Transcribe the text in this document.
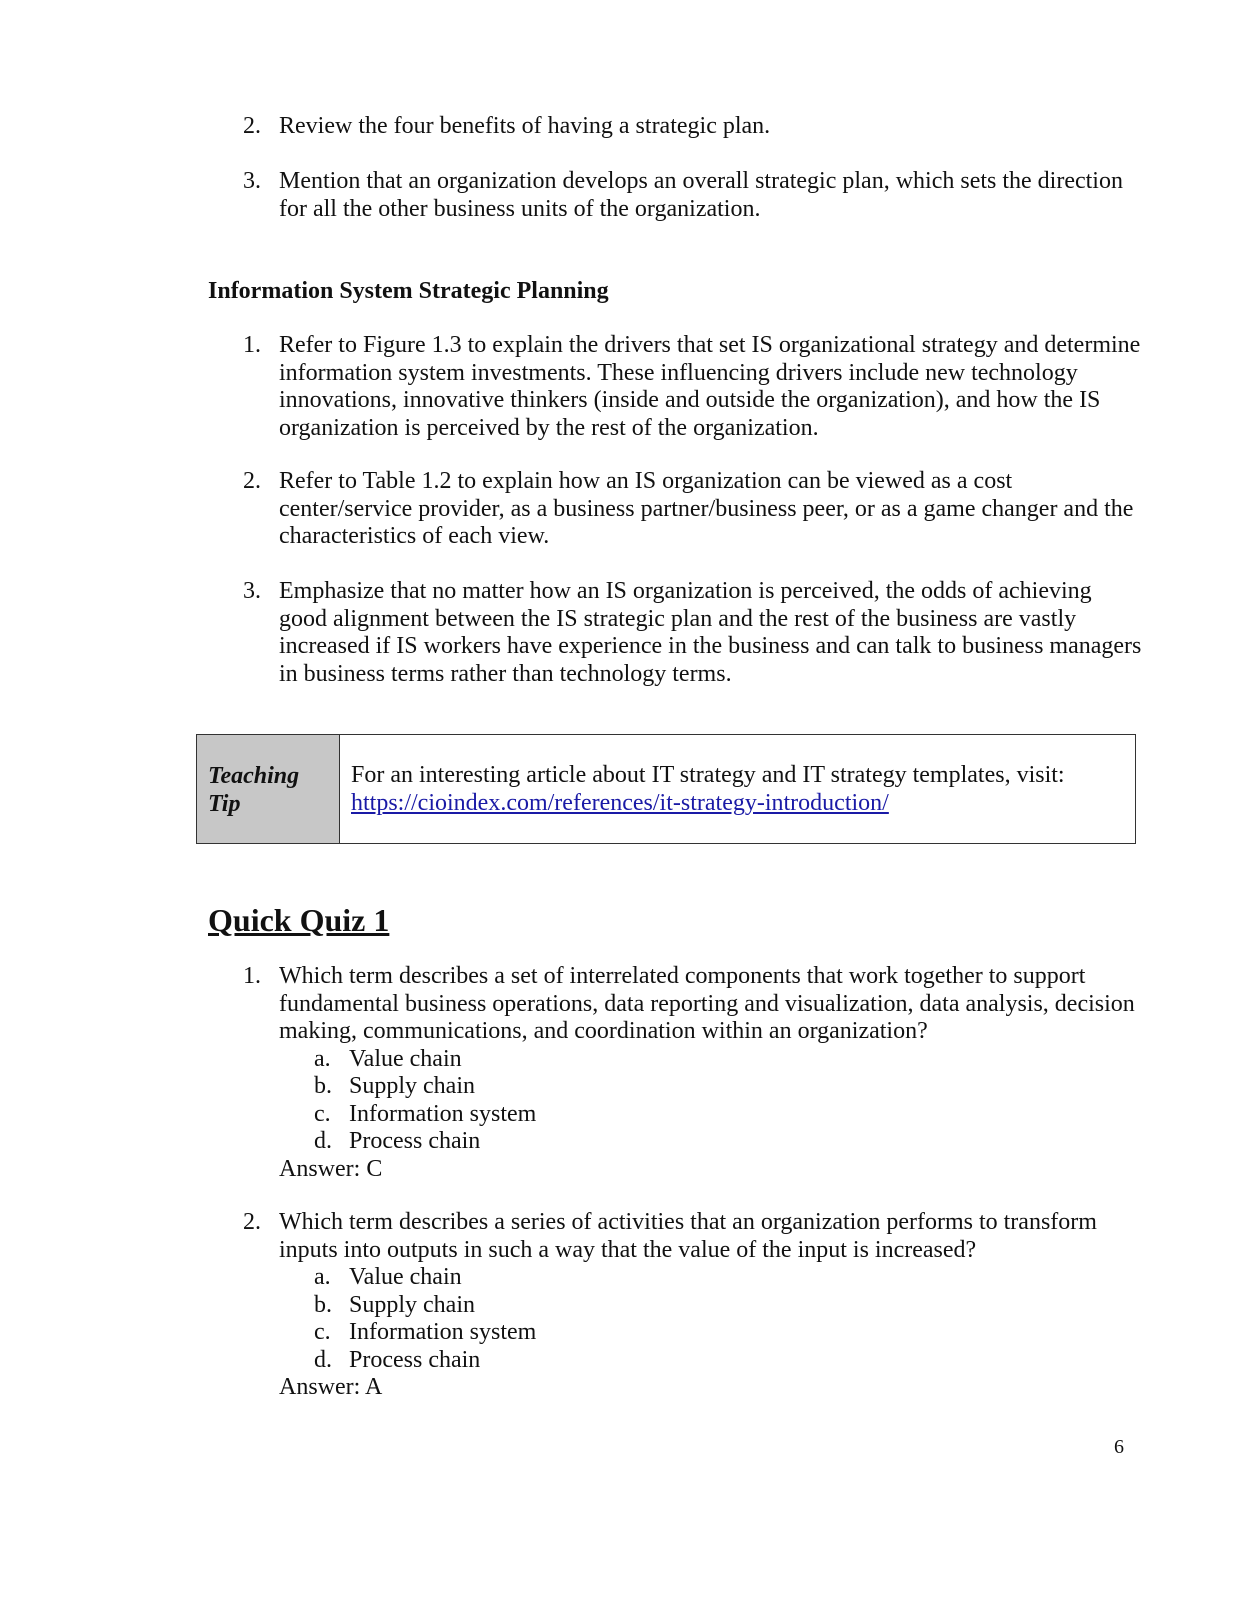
2. Review the four benefits of having a strategic plan.
3. Mention that an organization develops an overall strategic plan, which sets the direction for all the other business units of the organization.
Information System Strategic Planning
1. Refer to Figure 1.3 to explain the drivers that set IS organizational strategy and determine information system investments. These influencing drivers include new technology innovations, innovative thinkers (inside and outside the organization), and how the IS organization is perceived by the rest of the organization.
2. Refer to Table 1.2 to explain how an IS organization can be viewed as a cost center/service provider, as a business partner/business peer, or as a game changer and the characteristics of each view.
3. Emphasize that no matter how an IS organization is perceived, the odds of achieving good alignment between the IS strategic plan and the rest of the business are vastly increased if IS workers have experience in the business and can talk to business managers in business terms rather than technology terms.
Teaching
Tip
For an interesting article about IT strategy and IT strategy templates, visit:
https://cioindex.com/references/it-strategy-introduction/
Quick Quiz 1
1. Which term describes a set of interrelated components that work together to support fundamental business operations, data reporting and visualization, data analysis, decision making, communications, and coordination within an organization?
a. Value chain
b. Supply chain
c. Information system
d. Process chain
Answer: C
2. Which term describes a series of activities that an organization performs to transform inputs into outputs in such a way that the value of the input is increased?
a. Value chain
b. Supply chain
c. Information system
d. Process chain
Answer: A
6
